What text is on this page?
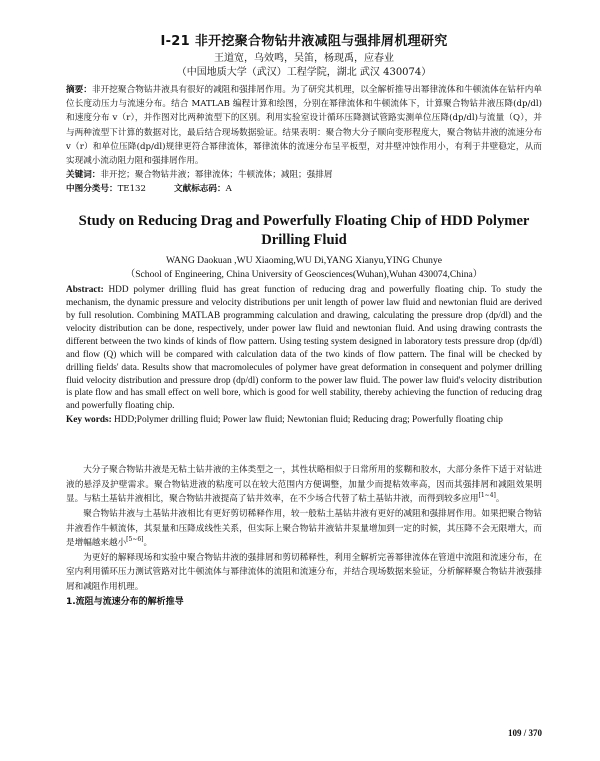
I-21 非开挖聚合物钻井液减阻与强排屑机理研究

王道宽，乌效鸣，吴笛，杨现禹，应春业

（中国地质大学（武汉）工程学院，湖北 武汉 430074）

摘要：非开挖聚合物钻井液具有很好的减阻和强排屑作用。为了研究其机理，以全解析推导出幂律流体和牛顿流体在钻杆内单位长度动压力与流速分布。结合 MATLAB 编程计算和绘图，分别在幂律流体和牛顿流体下，计算聚合物钻井液压降(dp/dl)和速度分布 v（r），并作图对比两种流型下的区别。利用实验室设计循环压降测试管路实测单位压降(dp/dl)与流量（Q），并与两种流型下计算的数据对比，最后结合现场数据验证。结果表明：聚合物大分子顺向变形程度大，聚合物钻井液的流速分布 v（r）和单位压降(dp/dl)规律更符合幂律流体，幂律流体的流速分布呈平板型，对井壁冲蚀作用小，有利于井壁稳定，从而实现减小流动阻力阻和强排屑作用。

关键词：非开挖；聚合物钻井液；幂律流体；牛顿流体；减阻；强排屑

中图分类号：TE132	文献标志码：A

Study on Reducing Drag and Powerfully Floating Chip of HDD Polymer Drilling Fluid

WANG Daokuan ,WU Xiaoming,WU Di,YANG Xianyu,YING Chunye

（School of Engineering, China University of Geosciences(Wuhan),Wuhan 430074,China）

Abstract: HDD polymer drilling fluid has great function of reducing drag and powerfully floating chip. To study the mechanism, the dynamic pressure and velocity distributions per unit length of power law fluid and newtonian fluid are derived by full resolution. Combining MATLAB programming calculation and drawing, calculating the pressure drop (dp/dl) and the velocity distribution can be done, respectively, under power law fluid and newtonian fluid. And using drawing contrasts the different between the two kinds of kinds of flow pattern. Using testing system designed in laboratory tests pressure drop (dp/dl) and flow (Q) which will be compared with calculation data of the two kinds of flow pattern. The final will be checked by drilling fields' data. Results show that macromolecules of polymer have great deformation in consequent and polymer drilling fluid velocity distribution and pressure drop (dp/dl) conform to the power law fluid. The power law fluid's velocity distribution is plate flow and has small effect on well bore, which is good for well stability, thereby achieving the function of reducing drag and powerfully floating chip.

Key words: HDD;Polymer drilling fluid; Power law fluid; Newtonian fluid; Reducing drag; Powerfully floating chip

大分子聚合物钻井液是无粘土钻井液的主体类型之一，其性状略相似于日常所用的浆糊和胶水，大部分条件下适于对钻进液的悬浮及护壁需求。聚合物钻进液的粘度可以在较大范围内方便调整，加量少而提粘效率高，因而其强排屑和减阻效果明显。与粘土基钻井液相比，聚合物钻井液提高了钻井效率，在不少场合代替了粘土基钻井液，而得到较多应用[1~4]。

聚合物钻井液与土基钻井液相比有更好剪切稀释作用，较一般粘土基钻井液有更好的减阻和强排屑作用。如果把聚合物钻井液看作牛顿流体，其泵量和压降成线性关系，但实际上聚合物钻井液钻井泵量增加到一定的时候，其压降不会无限增大，而是增幅越来越小[5~6]。

为更好的解释现场和实验中聚合物钻井液的强排屑和剪切稀释性，利用全解析完善幂律流体在管道中流阻和流速分布，在室内利用循环压力测试管路对比牛顿流体与幂律流体的流阻和流速分布，并结合现场数据来验证，分析解释聚合物钻井液强排屑和减阻作用机理。

1.流阻与流速分布的解析推导

109 / 370
